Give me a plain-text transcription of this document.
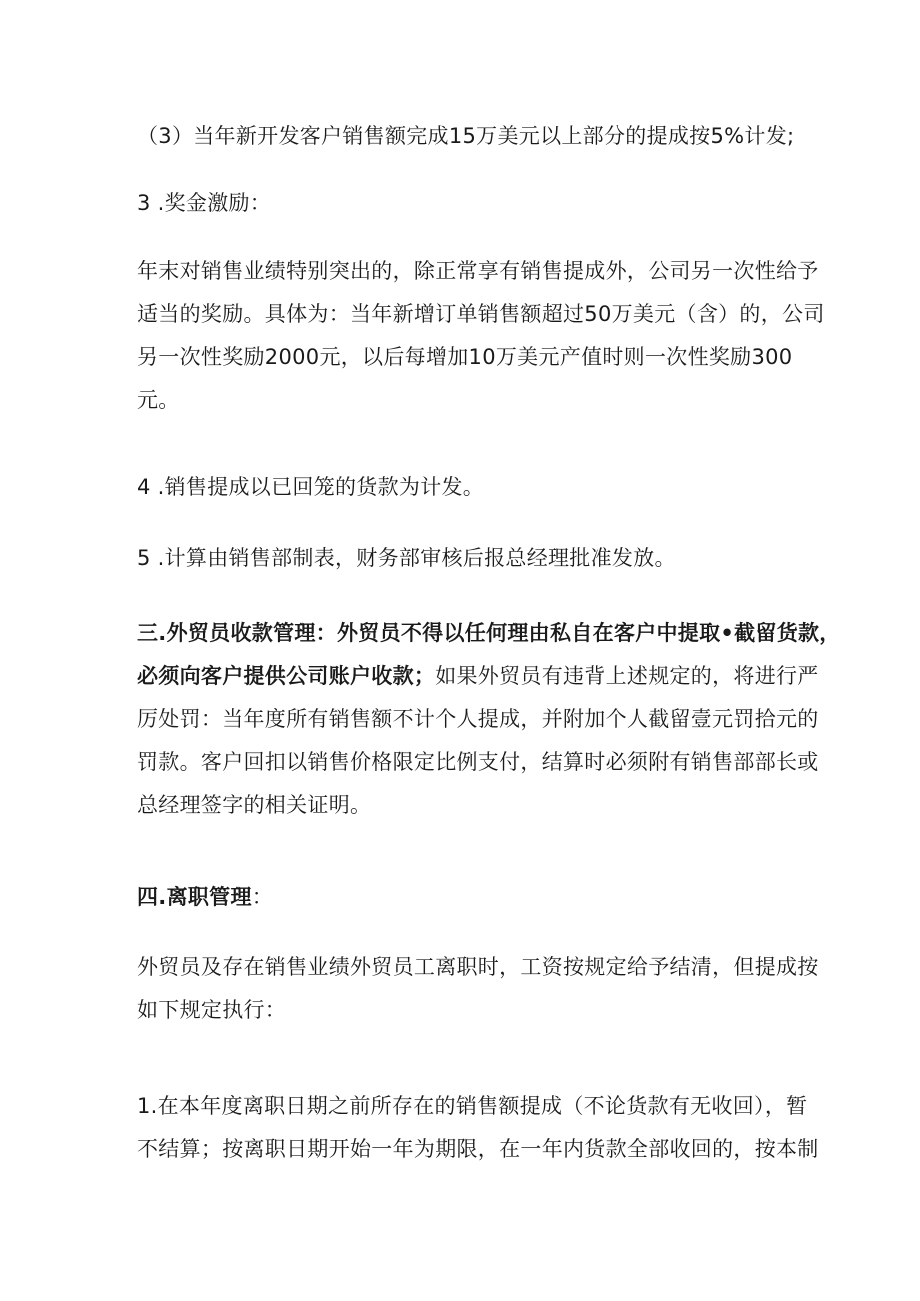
（3）当年新开发客户销售额完成15万美元以上部分的提成按5%计发;

3 .奖金激励：

年末对销售业绩特别突出的，除正常享有销售提成外，公司另一次性给予
适当的奖励。具体为：当年新增订单销售额超过50万美元（含）的，公司
另一次性奖励2000元，以后每增加10万美元产值时则一次性奖励300
元。

4 .销售提成以已回笼的货款为计发。

5 .计算由销售部制表，财务部审核后报总经理批准发放。

三.外贸员收款管理：外贸员不得以任何理由私自在客户中提取•截留货款，
必须向客户提供公司账户收款；如果外贸员有违背上述规定的，将进行严
厉处罚：当年度所有销售额不计个人提成，并附加个人截留壹元罚拾元的
罚款。客户回扣以销售价格限定比例支付，结算时必须附有销售部部长或
总经理签字的相关证明。

四.离职管理：

外贸员及存在销售业绩外贸员工离职时，工资按规定给予结清，但提成按
如下规定执行：

1.在本年度离职日期之前所存在的销售额提成（不论货款有无收回），暂
不结算；按离职日期开始一年为期限，在一年内货款全部收回的，按本制
